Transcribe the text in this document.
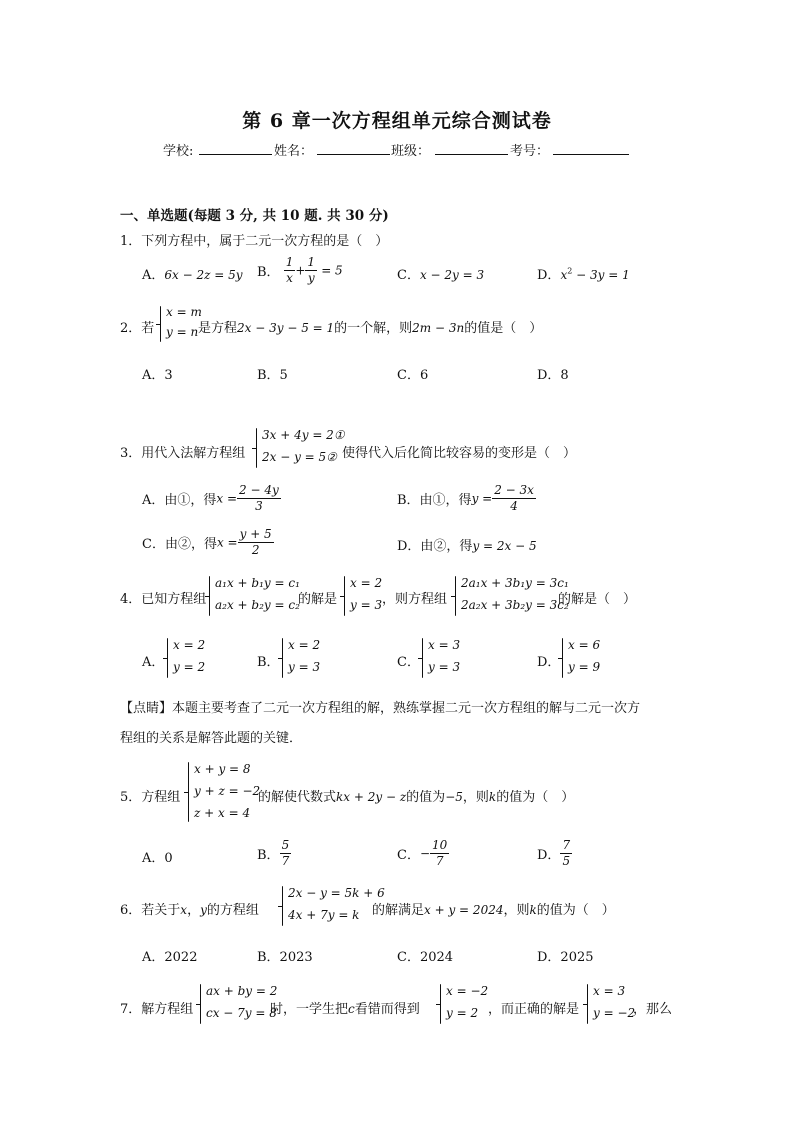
第 6 章一次方程组单元综合测试卷
学校:	姓名：	班级：	考号：
一、单选题(每题 3 分, 共 10 题. 共 30 分)
1．下列方程中，属于二元一次方程的是（　）
A．6x − 2z = 5y B． $\frac{1}{x} + \frac{1}{y} = 5$	C．x − 2y = 3	D．$x^2 - 3y = 1$
2．若
x = m
y = n 是方程2x − 3y − 5 = 1的一个解，则2m − 3n的值是（　）
A．3	B．5	C．6	D．8
3．用代入法解方程组
3x + 4y = 2①
2x − y = 5② 使得代入后化简比较容易的变形是（　）
A．由①，得$x = \frac{2 - 4y}{3}$	B．由①，得$y = \frac{2 - 3x}{4}$
C．由②，得$x = \frac{y + 5}{2}$	D．由②，得y = 2x − 5
4．已知方程组
a₁x + b₁y = c₁
a₂x + b₂y = c₂
的解是
x = 2
y = 3 ，则方程组
2a₁x + 3b₁y = 3c₁
2a₂x + 3b₂y = 3c₂
的解是（　）
A．
x = 2
y = 2	B．
x = 2
y = 3	C．
x = 3
y = 3	D．
x = 6
y = 9
【点睛】本题主要考查了二元一次方程组的解，熟练掌握二元一次方程组的解与二元一次方
程组的关系是解答此题的关键．
5．方程组
x + y = 8
y + z = −2
z + x = 4
的解使代数式kx + 2y − z的值为−5，则k的值为（　）
A．0	B． $\frac{5}{7}$	C．− $\frac{10}{7}$	D． $\frac{7}{5}$
6．若关于x，y的方程组
2x − y = 5k + 6
4x + 7y = k 的解满足x + y = 2024，则k的值为（　）
A．2022	B．2023	C．2024	D．2025
7．解方程组
ax + by = 2
cx − 7y = 8
时，一学生把c看错而得到
x = −2
y = 2 ，而正确的解是
x = 3
y = −2
，那么
